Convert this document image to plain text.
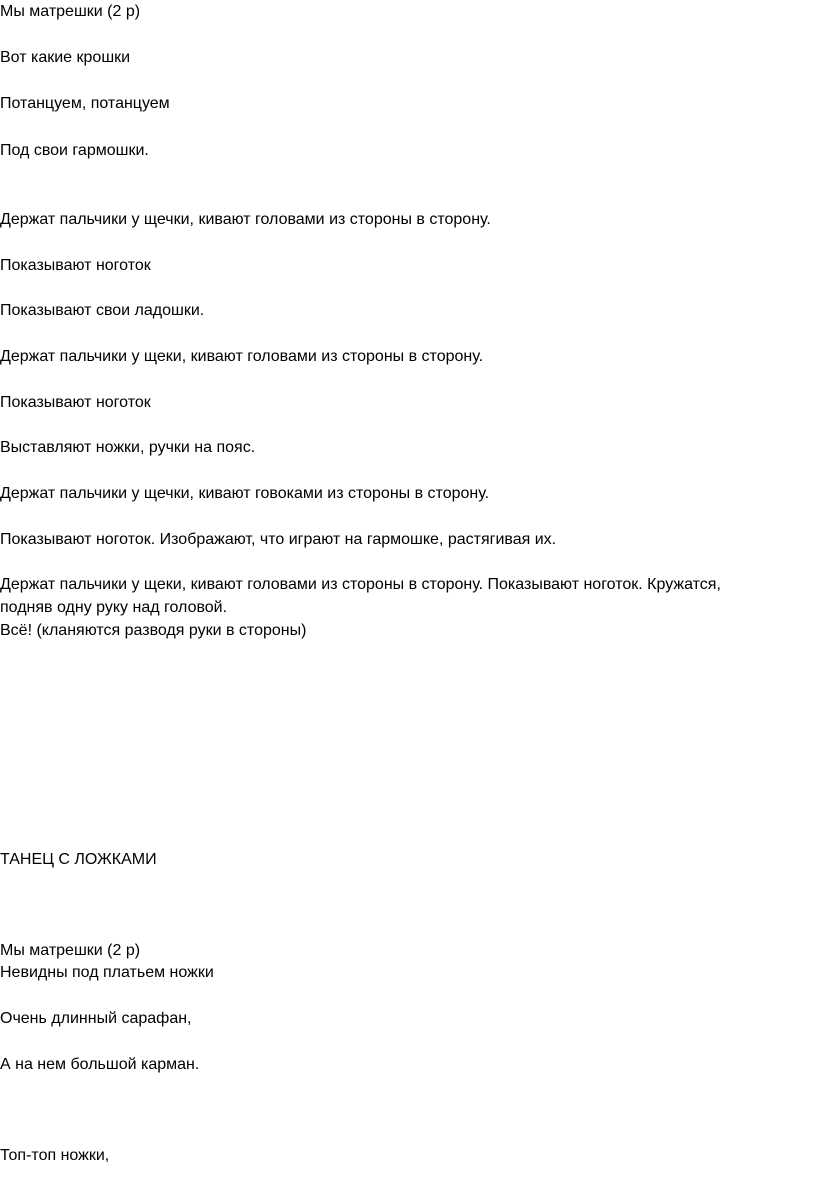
Мы матрешки (2 р)

Вот какие крошки

Потанцуем, потанцуем

Под свои гармошки.

Держат пальчики у щечки, кивают головами из стороны в сторону.

Показывают ноготок

Показывают свои ладошки.

Держат пальчики у щеки, кивают головами из стороны в сторону.

Показывают ноготок

Выставляют ножки, ручки на пояс.

Держат пальчики у щечки, кивают говоками из стороны в сторону.

Показывают ноготок. Изображают, что играют на гармошке, растягивая их.

Держат пальчики у щеки, кивают головами из стороны в сторону. Показывают ноготок. Кружатся,

подняв одну руку над головой.

Всё! (кланяются разводя руки в стороны)

ТАНЕЦ С ЛОЖКАМИ

Мы матрешки (2 р)

Невидны под платьем ножки

Очень длинный сарафан,

А на нем большой карман.

Топ-топ ножки,
